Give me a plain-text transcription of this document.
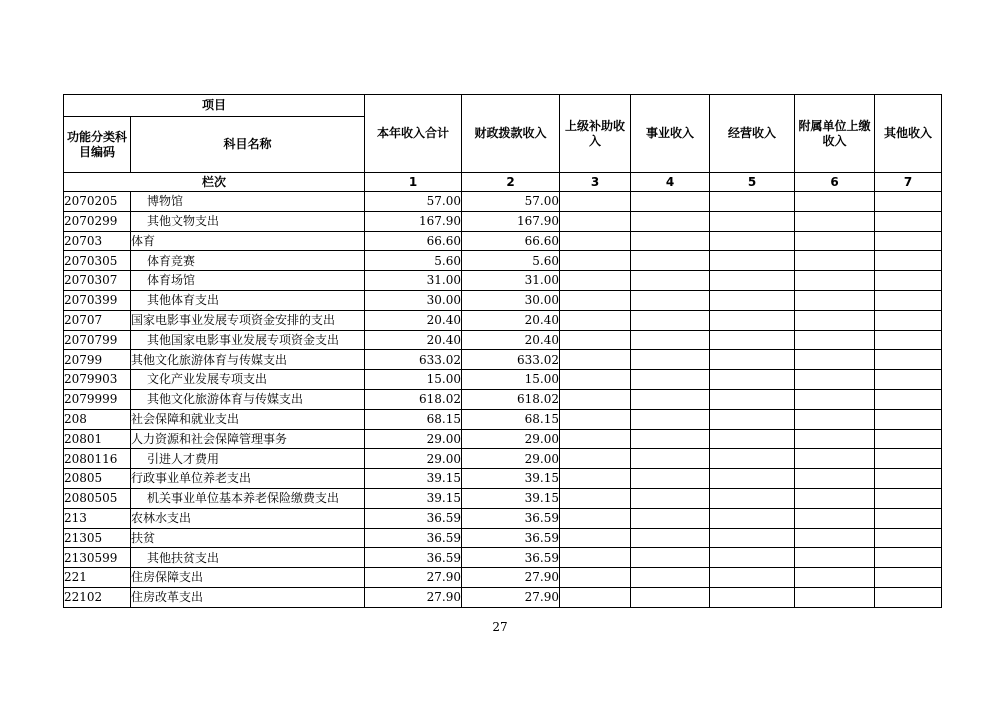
项目		本年收入合计	财政拨款收入	上级补助收入	事业收入	经营收入	附属单位上缴收入	其他收入
功能分类科目编码	科目名称							
栏次		1	2	3	4	5	6	7
2070205	博物馆	57.00	57.00					
2070299	其他文物支出	167.90	167.90					
20703	体育	66.60	66.60					
2070305	体育竞赛	5.60	5.60					
2070307	体育场馆	31.00	31.00					
2070399	其他体育支出	30.00	30.00					
20707	国家电影事业发展专项资金安排的支出	20.40	20.40					
2070799	其他国家电影事业发展专项资金支出	20.40	20.40					
20799	其他文化旅游体育与传媒支出	633.02	633.02					
2079903	文化产业发展专项支出	15.00	15.00					
2079999	其他文化旅游体育与传媒支出	618.02	618.02					
208	社会保障和就业支出	68.15	68.15					
20801	人力资源和社会保障管理事务	29.00	29.00					
2080116	引进人才费用	29.00	29.00					
20805	行政事业单位养老支出	39.15	39.15					
2080505	机关事业单位基本养老保险缴费支出	39.15	39.15					
213	农林水支出	36.59	36.59					
21305	扶贫	36.59	36.59					
2130599	其他扶贫支出	36.59	36.59					
221	住房保障支出	27.90	27.90					
22102	住房改革支出	27.90	27.90					
27
